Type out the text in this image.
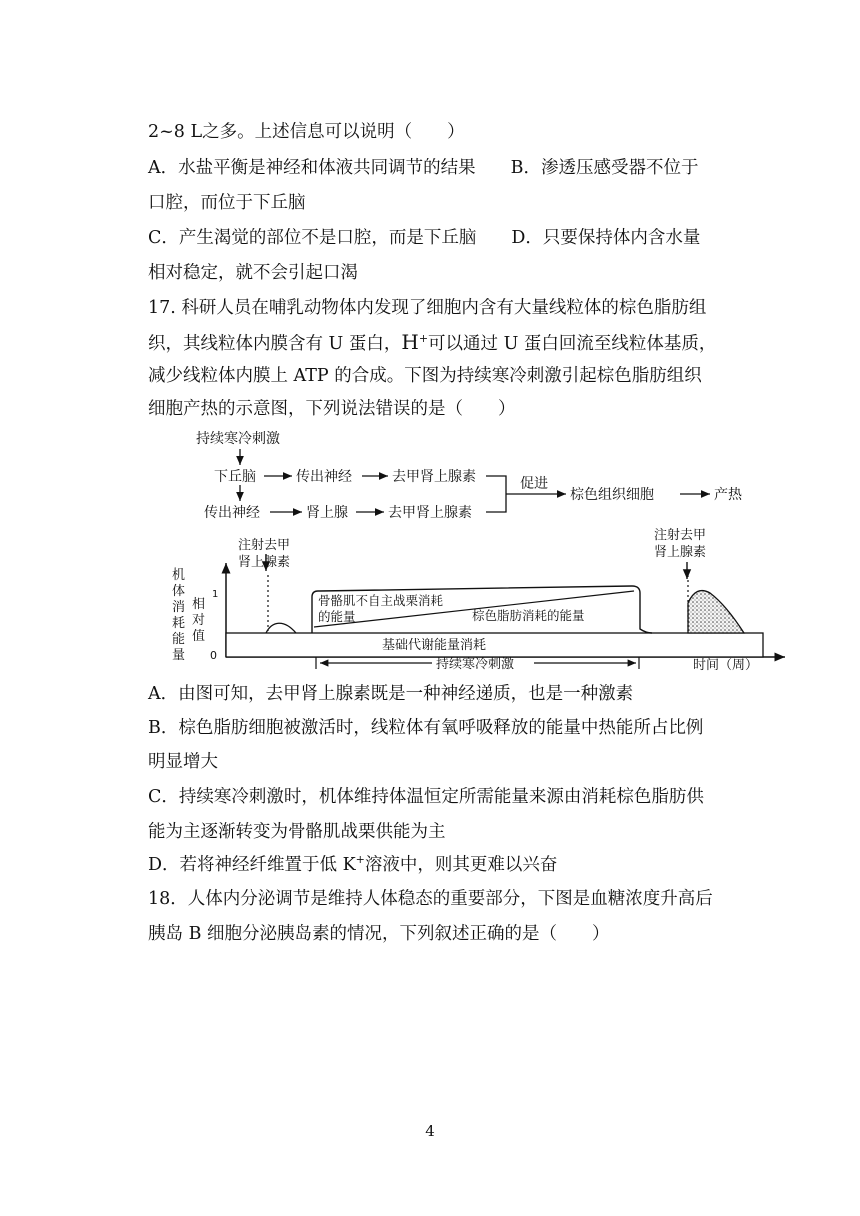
2~8 L之多。上述信息可以说明（　　）
A．水盐平衡是神经和体液共同调节的结果　　B．渗透压感受器不位于
口腔，而位于下丘脑
C．产生渴觉的部位不是口腔，而是下丘脑　　D．只要保持体内含水量
相对稳定，就不会引起口渴
17. 科研人员在哺乳动物体内发现了细胞内含有大量线粒体的棕色脂肪组
织，其线粒体内膜含有 U 蛋白，H+可以通过 U 蛋白回流至线粒体基质，
减少线粒体内膜上 ATP 的合成。下图为持续寒冷刺激引起棕色脂肪组织
细胞产热的示意图，下列说法错误的是（　　）
持续寒冷刺激
下丘脑	传出神经	去甲肾上腺素
传出神经	肾上腺	去甲肾上腺素
促进
棕色组织细胞	产热
机
体
消
耗
能
量
相
对
值
1
0
基础代谢能量消耗
注射去甲
肾上腺素
骨骼肌不自主战栗消耗
的能量	棕色脂肪消耗的能量
注射去甲
肾上腺素
持续寒冷刺激	时间（周）
A．由图可知，去甲肾上腺素既是一种神经递质，也是一种激素
B．棕色脂肪细胞被激活时，线粒体有氧呼吸释放的能量中热能所占比例
明显增大
C．持续寒冷刺激时，机体维持体温恒定所需能量来源由消耗棕色脂肪供
能为主逐渐转变为骨骼肌战栗供能为主
D．若将神经纤维置于低 K+溶液中，则其更难以兴奋
18．人体内分泌调节是维持人体稳态的重要部分，下图是血糖浓度升高后
胰岛 B 细胞分泌胰岛素的情况，下列叙述正确的是（　　）
4
